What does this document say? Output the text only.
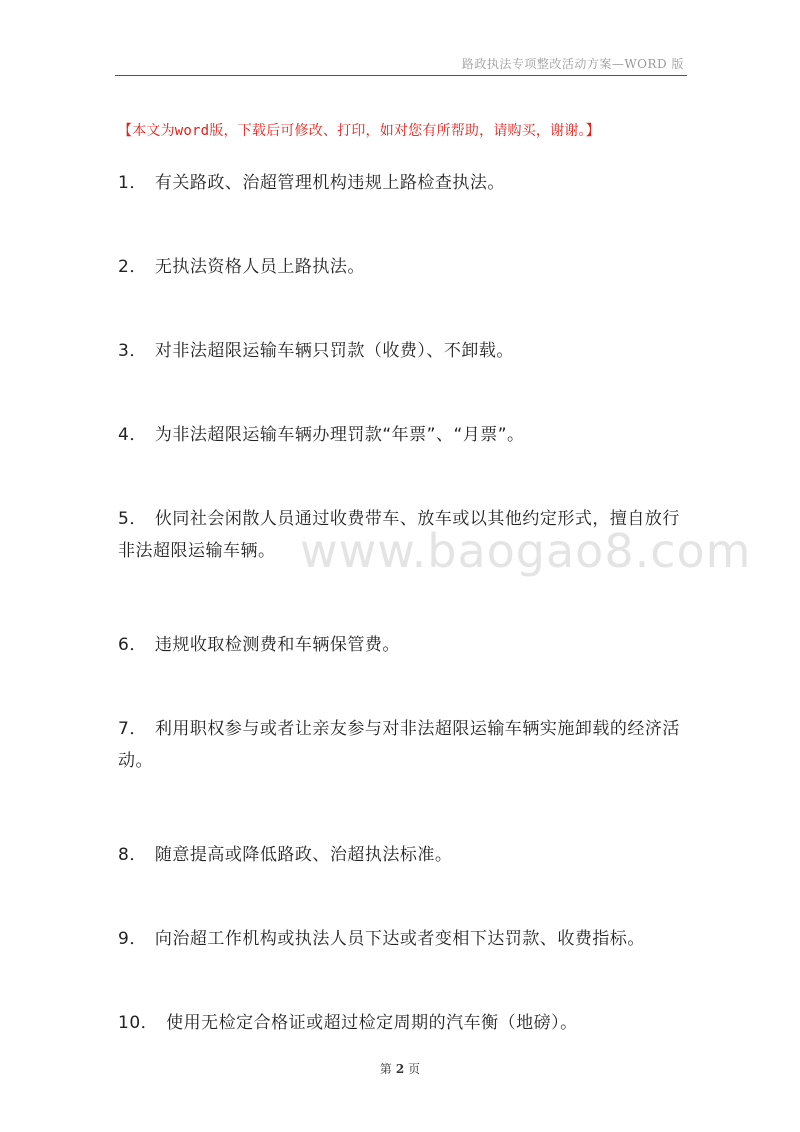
路政执法专项整改活动方案—WORD 版
【本文为word版，下载后可修改、打印，如对您有所帮助，请购买，谢谢。】
www.baogao8.com
1． 有关路政、治超管理机构违规上路检查执法。
2． 无执法资格人员上路执法。
3． 对非法超限运输车辆只罚款（收费）、不卸载。
4． 为非法超限运输车辆办理罚款“年票”、“月票”。
5． 伙同社会闲散人员通过收费带车、放车或以其他约定形式，擅自放行非法超限运输车辆。
6． 违规收取检测费和车辆保管费。
7． 利用职权参与或者让亲友参与对非法超限运输车辆实施卸载的经济活动。
8． 随意提高或降低路政、治超执法标准。
9． 向治超工作机构或执法人员下达或者变相下达罚款、收费指标。
10． 使用无检定合格证或超过检定周期的汽车衡（地磅）。
第 2 页
